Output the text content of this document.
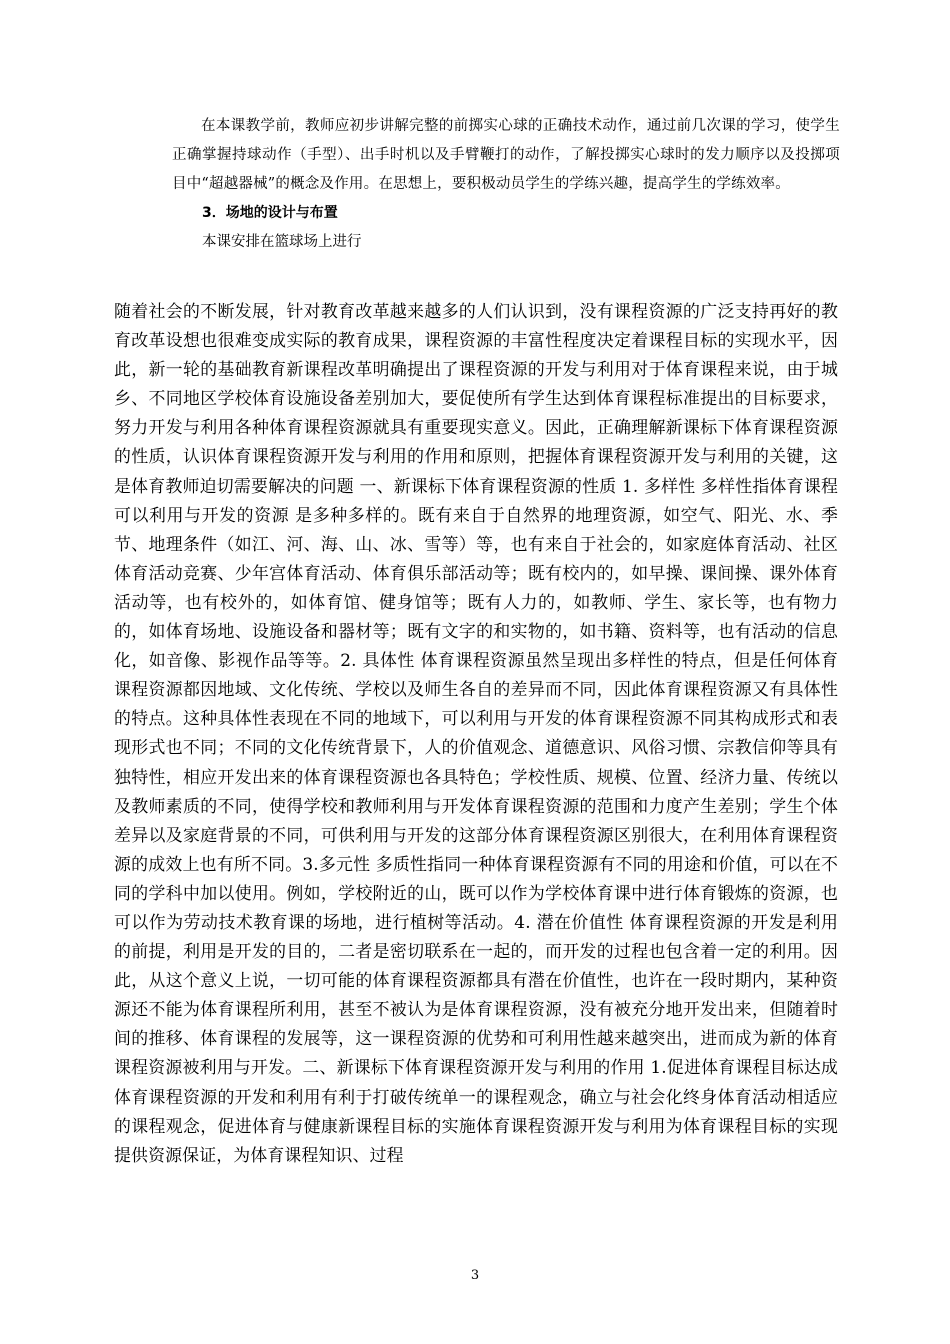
在本课教学前，教师应初步讲解完整的前掷实心球的正确技术动作，通过前几次课的学习，使学生正确掌握持球动作（手型）、出手时机以及手臂鞭打的动作，了解投掷实心球时的发力顺序以及投掷项目中“超越器械”的概念及作用。在思想上，要积极动员学生的学练兴趣，提高学生的学练效率。

3．场地的设计与布置

本课安排在篮球场上进行

随着社会的不断发展，针对教育改革越来越多的人们认识到，没有课程资源的广泛支持再好的教育改革设想也很难变成实际的教育成果，课程资源的丰富性程度决定着课程目标的实现水平，因此，新一轮的基础教育新课程改革明确提出了课程资源的开发与利用对于体育课程来说，由于城乡、不同地区学校体育设施设备差别加大，要促使所有学生达到体育课程标准提出的目标要求，努力开发与利用各种体育课程资源就具有重要现实意义。因此，正确理解新课标下体育课程资源的性质，认识体育课程资源开发与利用的作用和原则，把握体育课程资源开发与利用的关键，这是体育教师迫切需要解决的问题 一、新课标下体育课程资源的性质 1. 多样性 多样性指体育课程可以利用与开发的资源 是多种多样的。既有来自于自然界的地理资源，如空气、阳光、水、季节、地理条件（如江、河、海、山、冰、雪等）等，也有来自于社会的，如家庭体育活动、社区体育活动竞赛、少年宫体育活动、体育俱乐部活动等；既有校内的，如早操、课间操、课外体育活动等，也有校外的，如体育馆、健身馆等；既有人力的，如教师、学生、家长等，也有物力的，如体育场地、设施设备和器材等；既有文字的和实物的，如书籍、资料等，也有活动的信息化，如音像、影视作品等等。2. 具体性 体育课程资源虽然呈现出多样性的特点，但是任何体育课程资源都因地域、文化传统、学校以及师生各自的差异而不同，因此体育课程资源又有具体性的特点。这种具体性表现在不同的地域下，可以利用与开发的体育课程资源不同其构成形式和表现形式也不同；不同的文化传统背景下，人的价值观念、道德意识、风俗习惯、宗教信仰等具有独特性，相应开发出来的体育课程资源也各具特色；学校性质、规模、位置、经济力量、传统以及教师素质的不同，使得学校和教师利用与开发体育课程资源的范围和力度产生差别；学生个体差异以及家庭背景的不同，可供利用与开发的这部分体育课程资源区别很大，在利用体育课程资源的成效上也有所不同。3.多元性 多质性指同一种体育课程资源有不同的用途和价值，可以在不同的学科中加以使用。例如，学校附近的山，既可以作为学校体育课中进行体育锻炼的资源，也可以作为劳动技术教育课的场地，进行植树等活动。4. 潜在价值性 体育课程资源的开发是利用的前提，利用是开发的目的，二者是密切联系在一起的，而开发的过程也包含着一定的利用。因此，从这个意义上说，一切可能的体育课程资源都具有潜在价值性，也许在一段时期内，某种资源还不能为体育课程所利用，甚至不被认为是体育课程资源，没有被充分地开发出来，但随着时间的推移、体育课程的发展等，这一课程资源的优势和可利用性越来越突出，进而成为新的体育课程资源被利用与开发。二、新课标下体育课程资源开发与利用的作用 1.促进体育课程目标达成 体育课程资源的开发和利用有利于打破传统单一的课程观念，确立与社会化终身体育活动相适应的课程观念，促进体育与健康新课程目标的实施体育课程资源开发与利用为体育课程目标的实现提供资源保证，为体育课程知识、过程

3
